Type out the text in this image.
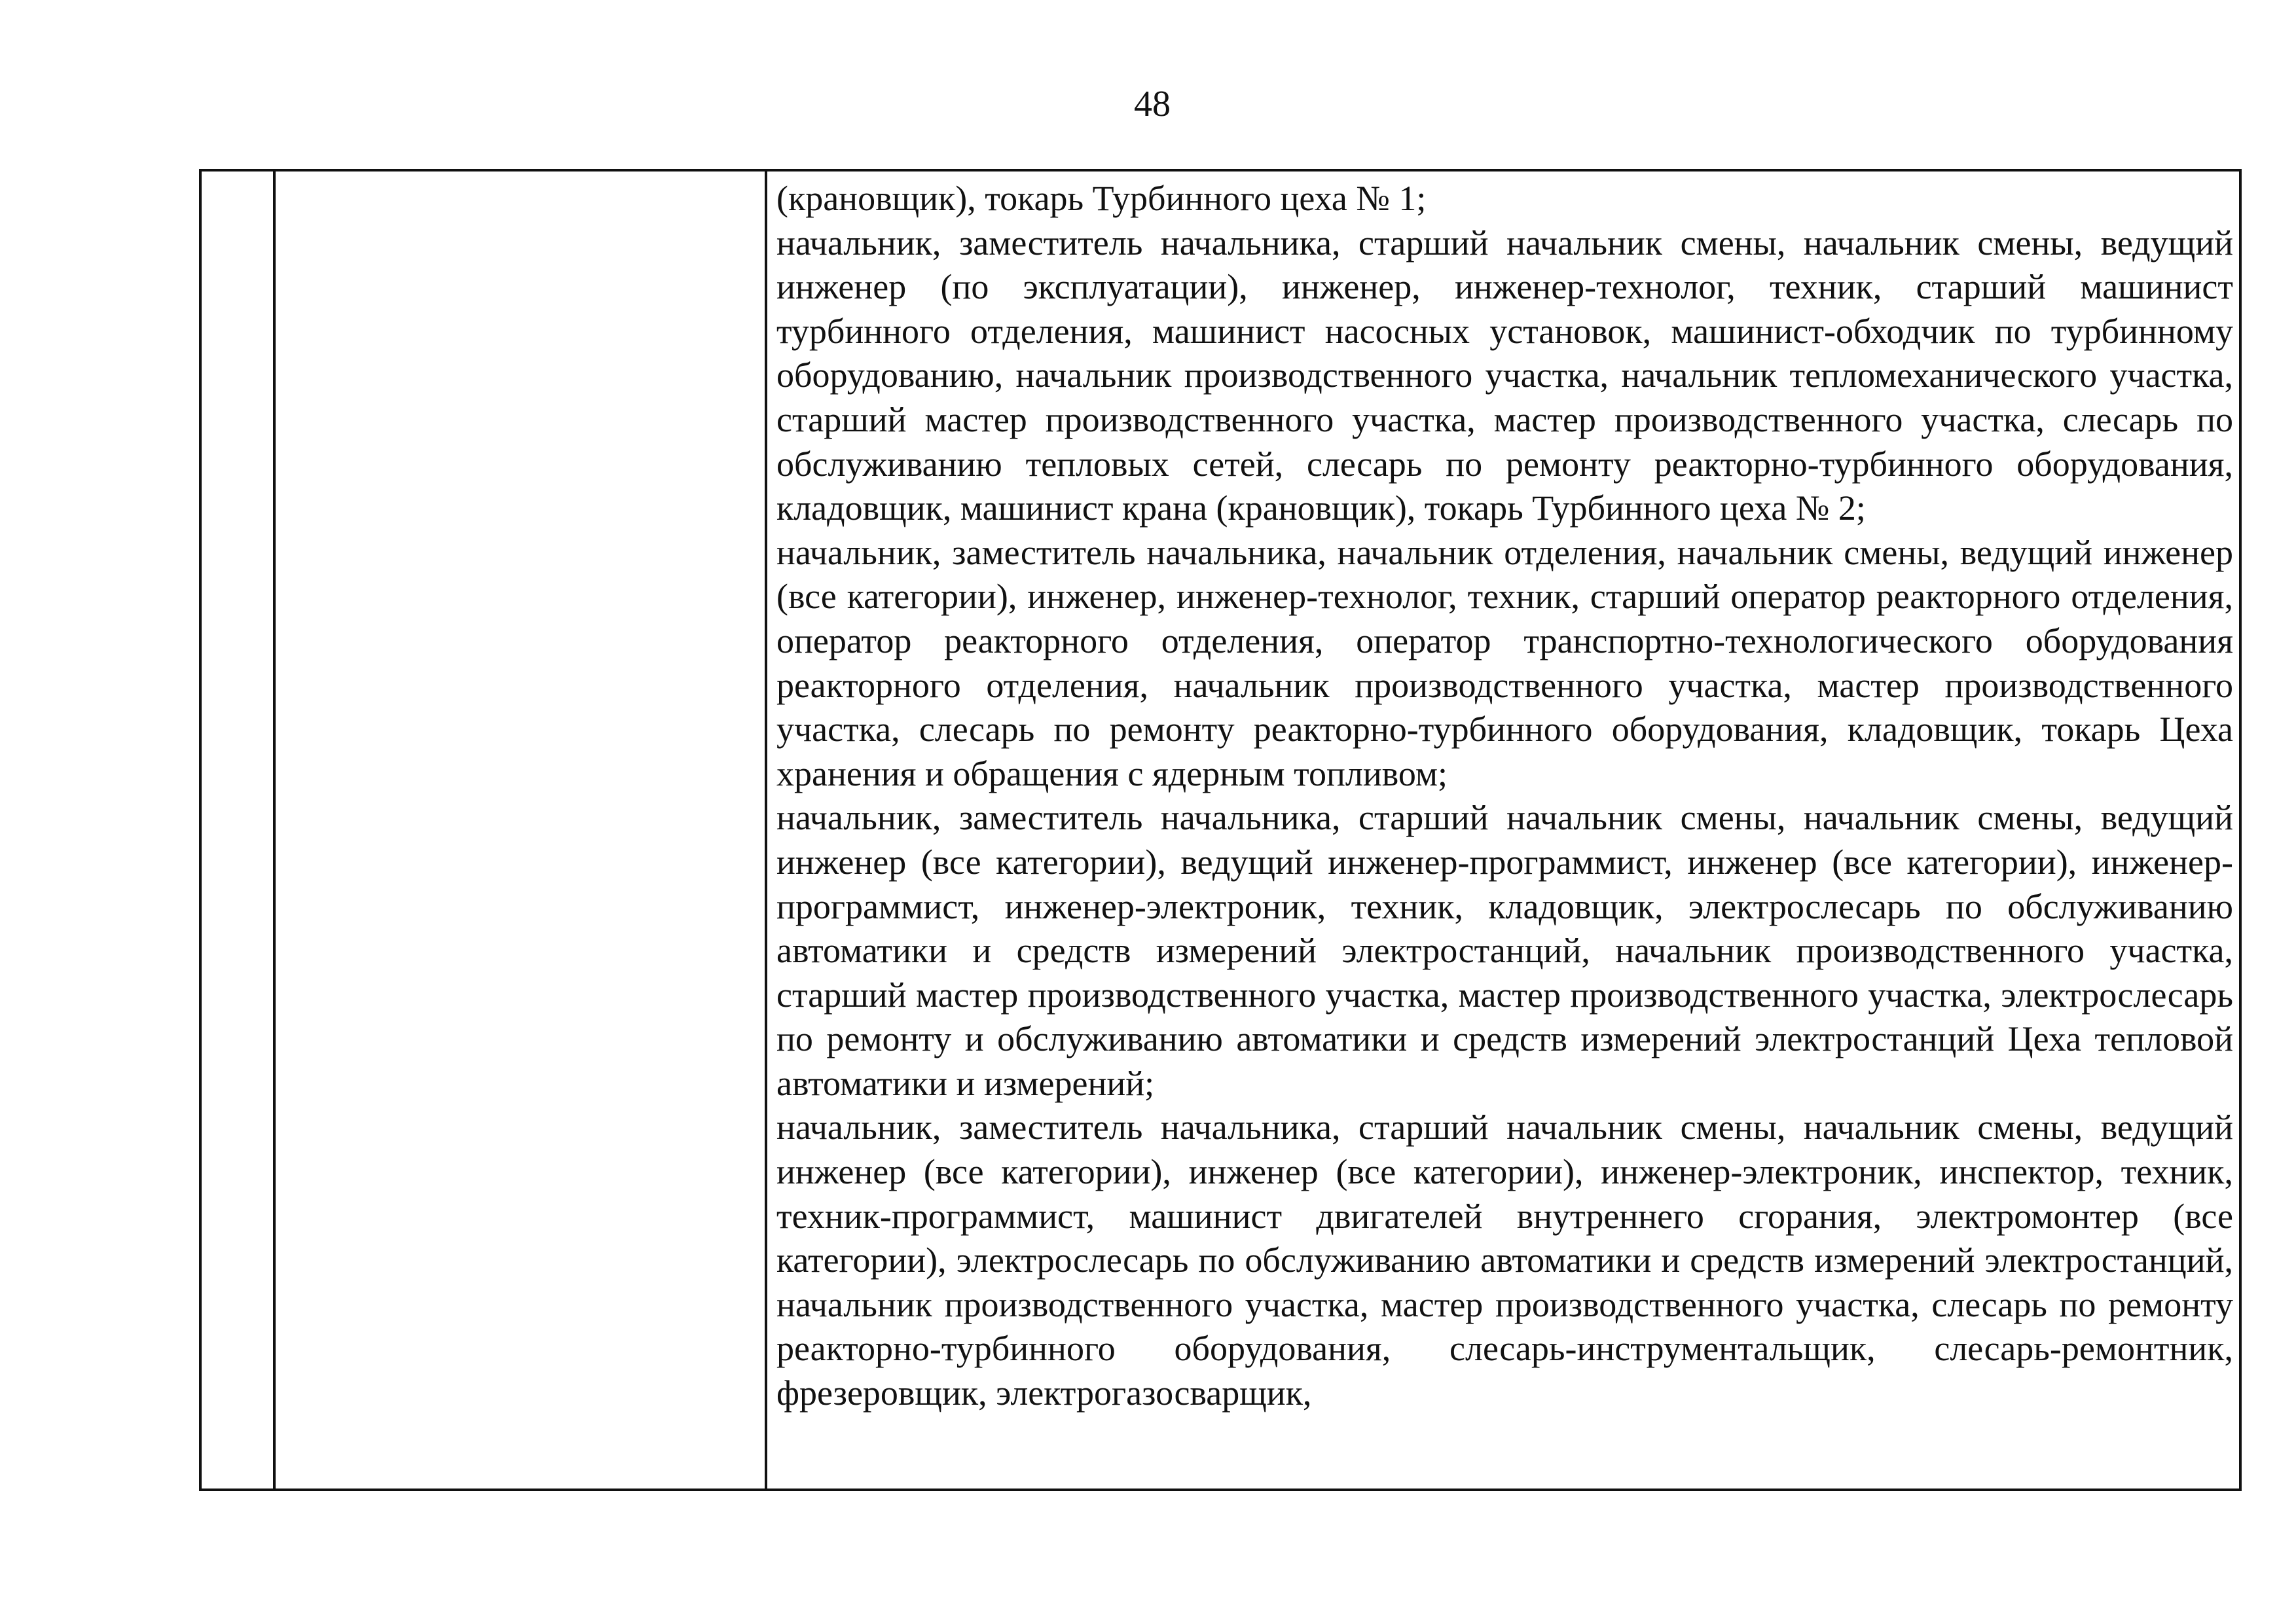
48

(крановщик), токарь Турбинного цеха № 1;

начальник, заместитель начальника, старший начальник смены, начальник смены, ведущий инженер (по эксплуатации), инженер, инженер-технолог, техник, старший машинист турбинного отделения, машинист насосных установок, машинист-обходчик по турбинному оборудованию, начальник производственного участка, начальник тепломеханического участка, старший мастер производственного участка, мастер производственного участка, слесарь по обслуживанию тепловых сетей, слесарь по ремонту реакторно-турбинного оборудования, кладовщик, машинист крана (крановщик), токарь Турбинного цеха № 2;

начальник, заместитель начальника, начальник отделения, начальник смены, ведущий инженер (все категории), инженер, инженер-технолог, техник, старший оператор реакторного отделения, оператор реакторного отделения, оператор транспортно-технологического оборудования реакторного отделения, начальник производственного участка, мастер производственного участка, слесарь по ремонту реакторно-турбинного оборудования, кладовщик, токарь Цеха хранения и обращения с ядерным топливом;

начальник, заместитель начальника, старший начальник смены, начальник смены, ведущий инженер (все категории), ведущий инженер-программист, инженер (все категории), инженер-программист, инженер-электроник, техник, кладовщик, электрослесарь по обслуживанию автоматики и средств измерений электростанций, начальник производственного участка, старший мастер производственного участка, мастер производственного участка, электрослесарь по ремонту и обслуживанию автоматики и средств измерений электростанций Цеха тепловой автоматики и измерений;

начальник, заместитель начальника, старший начальник смены, начальник смены, ведущий инженер (все категории), инженер (все категории), инженер-электроник, инспектор, техник, техник-программист, машинист двигателей внутреннего сгорания, электромонтер (все категории), электрослесарь по обслуживанию автоматики и средств измерений электростанций, начальник производственного участка, мастер производственного участка, слесарь по ремонту реакторно-турбинного оборудования, слесарь-инструментальщик, слесарь-ремонтник, фрезеровщик, электрогазосварщик,
